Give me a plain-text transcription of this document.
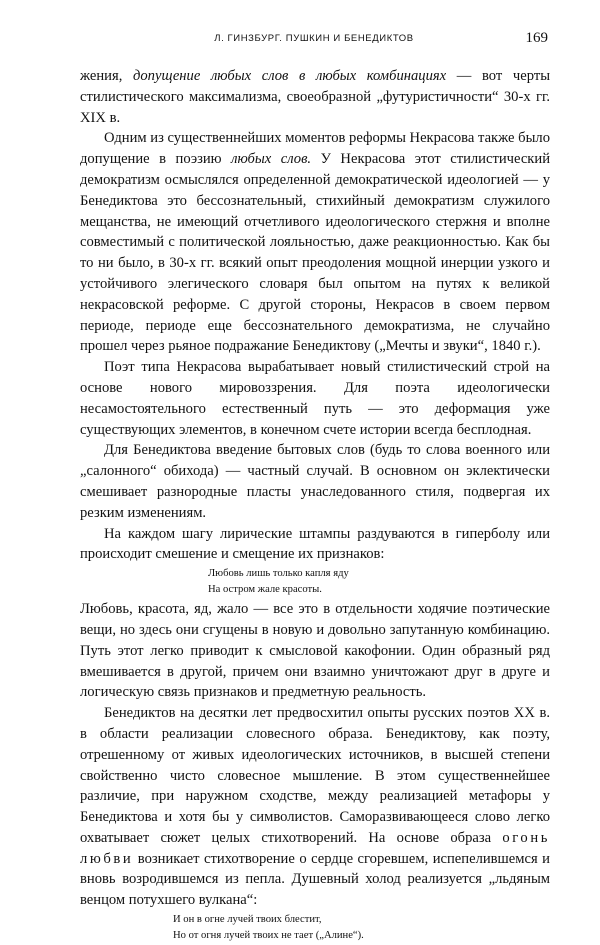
Л. ГИНЗБУРГ. ПУШКИН И БЕНЕДИКТОВ	169

жения, допущение любых слов в любых комбинациях — вот черты стилистического максимализма, своеобразной „футуристичности“ 30-х гг. XIX в.

Одним из существеннейших моментов реформы Некрасова также было допущение в поэзию любых слов. У Некрасова этот стилистический демократизм осмыслялся определенной демократической идеологией — у Бенедиктова это бессознательный, стихийный демократизм служилого мещанства, не имеющий отчетливого идеологического стержня и вполне совместимый с политической лояльностью, даже реакционностью. Как бы то ни было, в 30-х гг. всякий опыт преодоления мощной инерции узкого и устойчивого элегического словаря был опытом на путях к великой некрасовской реформе. С другой стороны, Некрасов в своем первом периоде, периоде еще бессознательного демократизма, не случайно прошел через рьяное подражание Бенедиктову („Мечты и звуки“, 1840 г.).

Поэт типа Некрасова вырабатывает новый стилистический строй на основе нового мировоззрения. Для поэта идеологически несамостоятельного естественный путь — это деформация уже существующих элементов, в конечном счете истории всегда бесплодная.

Для Бенедиктова введение бытовых слов (будь то слова военного или „салонного“ обихода) — частный случай. В основном он эклектически смешивает разнородные пласты унаследованного стиля, подвергая их резким изменениям.

На каждом шагу лирические штампы раздуваются в гиперболу или происходит смешение и смещение их признаков:

Любовь лишь только капля яду
На остром жале красоты.

Любовь, красота, яд, жало — все это в отдельности ходячие поэтические вещи, но здесь они сгущены в новую и довольно запутанную комбинацию. Путь этот легко приводит к смысловой какофонии. Один образный ряд вмешивается в другой, причем они взаимно уничтожают друг в друге и логическую связь признаков и предметную реальность.

Бенедиктов на десятки лет предвосхитил опыты русских поэтов XX в. в области реализации словесного образа. Бенедиктову, как поэту, отрешенному от живых идеологических источников, в высшей степени свойственно чисто словесное мышление. В этом существеннейшее различие, при наружном сходстве, между реализацией метафоры у Бенедиктова и хотя бы у символистов. Саморазвивающееся слово легко охватывает сюжет целых стихотворений. На основе образа огонь любви возникает стихотворение о сердце сгоревшем, испепелившемся и вновь возродившемся из пепла. Душевный холод реализуется „льдяным венцом потухшего вулкана“:

И он в огне лучей твоих блестит,
Но от огня лучей твоих не тает („Алине“).
